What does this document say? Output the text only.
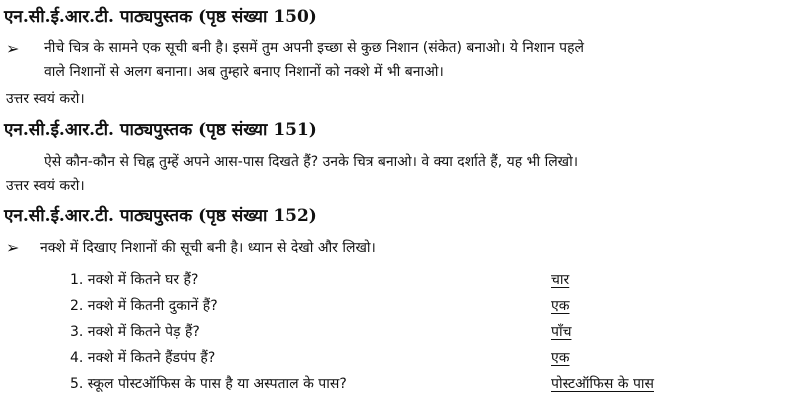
एन.सी.ई.आर.टी. पाठ्यपुस्तक (पृष्ठ संख्या 150)
➢ नीचे चित्र के सामने एक सूची बनी है। इसमें तुम अपनी इच्छा से कुछ निशान (संकेत) बनाओ। ये निशान पहले
वाले निशानों से अलग बनाना। अब तुम्हारे बनाए निशानों को नक्शे में भी बनाओ।
उत्तर स्वयं करो।
एन.सी.ई.आर.टी. पाठ्यपुस्तक (पृष्ठ संख्या 151)
ऐसे कौन-कौन से चिह्न तुम्हें अपने आस-पास दिखते हैं? उनके चित्र बनाओ। वे क्या दर्शाते हैं, यह भी लिखो।
उत्तर स्वयं करो।
एन.सी.ई.आर.टी. पाठ्यपुस्तक (पृष्ठ संख्या 152)
➢ नक्शे में दिखाए निशानों की सूची बनी है। ध्यान से देखो और लिखो।
1. नक्शे में कितने घर हैं?	चार
2. नक्शे में कितनी दुकानें हैं?	एक
3. नक्शे में कितने पेड़ हैं?	पाँच
4. नक्शे में कितने हैंडपंप हैं?	एक
5. स्कूल पोस्टऑफिस के पास है या अस्पताल के पास?	पोस्टऑफिस के पास
